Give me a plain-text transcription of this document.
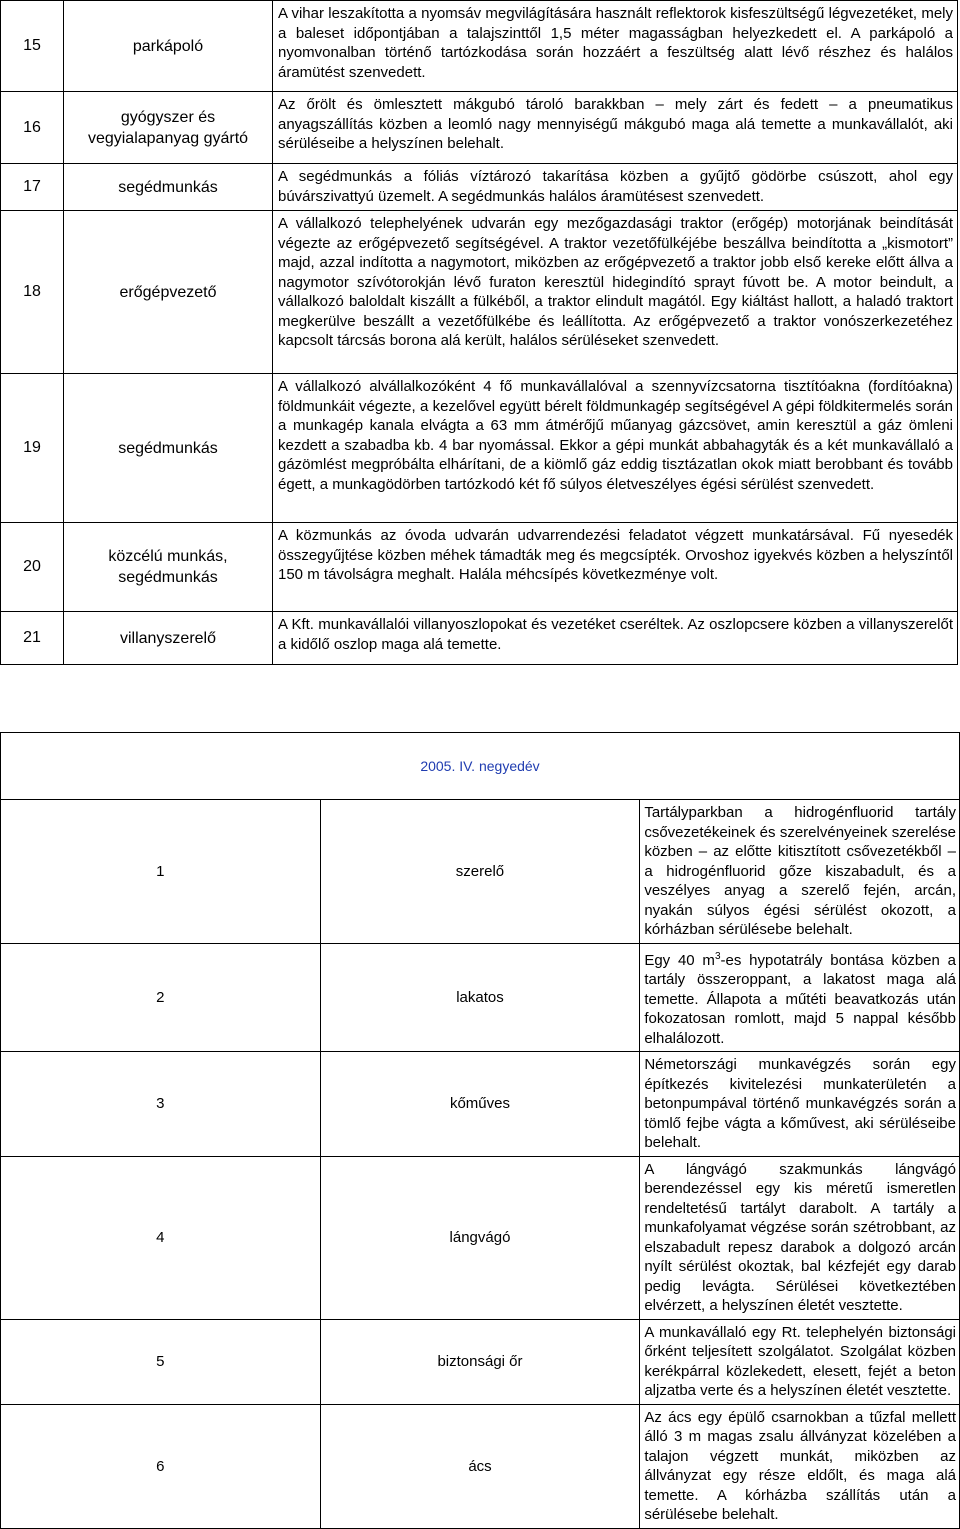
15	parkápoló	A vihar leszakította a nyomsáv megvilágítására használt reflektorok kisfeszültségű légvezetéket, mely a baleset időpontjában a talajszinttől 1,5 méter magasságban helyezkedett el. A parkápoló a nyomvonalban történő tartózkodása során hozzáért a feszültség alatt lévő részhez és halálos áramütést szenvedett.
16	gyógyszer és vegyialapanyag gyártó	Az őrölt és ömlesztett mákgubó tároló barakkban – mely zárt és fedett – a pneumatikus anyagszállítás közben a leomló nagy mennyiségű mákgubó maga alá temette a munkavállalót, aki sérüléseibe a helyszínen belehalt.
17	segédmunkás	A segédmunkás a fóliás víztározó takarítása közben a gyűjtő gödörbe csúszott, ahol egy búvárszivattyú üzemelt. A segédmunkás halálos áramütésest szenvedett.
18	erőgépvezető	A vállalkozó telephelyének udvarán egy mezőgazdasági traktor (erőgép) motorjának beindítását végezte az erőgépvezető segítségével. A traktor vezetőfülkéjébe beszállva beindította a „kismotort” majd, azzal indította a nagymotort, miközben az erőgépvezető a traktor jobb első kereke előtt állva a nagymotor szívótorokján lévő furaton keresztül hidegindító sprayt fúvott be. A motor beindult, a vállalkozó baloldalt kiszállt a fülkéből, a traktor elindult magától. Egy kiáltást hallott, a haladó traktort megkerülve beszállt a vezetőfülkébe és leállította. Az erőgépvezető a traktor vonószerkezetéhez kapcsolt tárcsás borona alá került, halálos sérüléseket szenvedett.
19	segédmunkás	A vállalkozó alvállalkozóként 4 fő munkavállalóval a szennyvízcsatorna tisztítóakna (fordítóakna) földmunkáit végezte, a kezelővel együtt bérelt földmunkagép segítségével A gépi földkitermelés során a munkagép kanala elvágta a 63 mm átmérőjű műanyag gázcsövet, amin keresztül a gáz ömleni kezdett a szabadba kb. 4 bar nyomással. Ekkor a gépi munkát abbahagyták és a két munkavállaló a gázömlést megpróbálta elhárítani, de a kiömlő gáz eddig tisztázatlan okok miatt berobbant és tovább égett, a munkagödörben tartózkodó két fő súlyos életveszélyes égési sérülést szenvedett.
20	közcélú munkás, segédmunkás	A közmunkás az óvoda udvarán udvarrendezési feladatot végzett munkatársával. Fű nyesedék összegyűjtése közben méhek támadták meg és megcsípték. Orvoshoz igyekvés közben a helyszíntől 150 m távolságra meghalt. Halála méhcsípés következménye volt.
21	villanyszerelő	A Kft. munkavállalói villanyoszlopokat és vezetéket cseréltek. Az oszlopcsere közben a villanyszerelőt a kidőlő oszlop maga alá temette.
2005. IV. negyedév		
1	szerelő	Tartályparkban a hidrogénfluorid tartály csővezetékeinek és szerelvényeinek szerelése közben – az előtte kitisztított csővezetékből – a hidrogénfluorid gőze kiszabadult, és a veszélyes anyag a szerelő fején, arcán, nyakán súlyos égési sérülést okozott, a kórházban sérülésebe belehalt.
2	lakatos	Egy 40 $m^3-es$ hypotatrály bontása közben a tartály összeroppant, a lakatost maga alá temette. Állapota a műtéti beavatkozás után fokozatosan romlott, majd 5 nappal később elhalálozott.
3	kőműves	Németországi munkavégzés során egy építkezés kivitelezési munkaterületén a betonpumpával történő munkavégzés során a tömlő fejbe vágta a kőművest, aki sérüléseibe belehalt.
4	lángvágó	A lángvágó szakmunkás lángvágó berendezéssel egy kis méretű ismeretlen rendeltetésű tartályt darabolt. A tartály a munkafolyamat végzése során szétrobbant, az elszabadult repesz darabok a dolgozó arcán nyílt sérülést okoztak, bal kézfejét egy darab pedig levágta. Sérülései következtében elvérzett, a helyszínen életét vesztette.
5	biztonsági őr	A munkavállaló egy Rt. telephelyén biztonsági őrként teljesített szolgálatot. Szolgálat közben kerékpárral közlekedett, elesett, fejét a beton aljzatba verte és a helyszínen életét vesztette.
6	ács	Az ács egy épülő csarnokban a tűzfal mellett álló 3 m magas zsalu állványzat közelében a talajon végzett munkát, miközben az állványzat egy része eldőlt, és maga alá temette. A kórházba szállítás után a sérülésebe belehalt.
